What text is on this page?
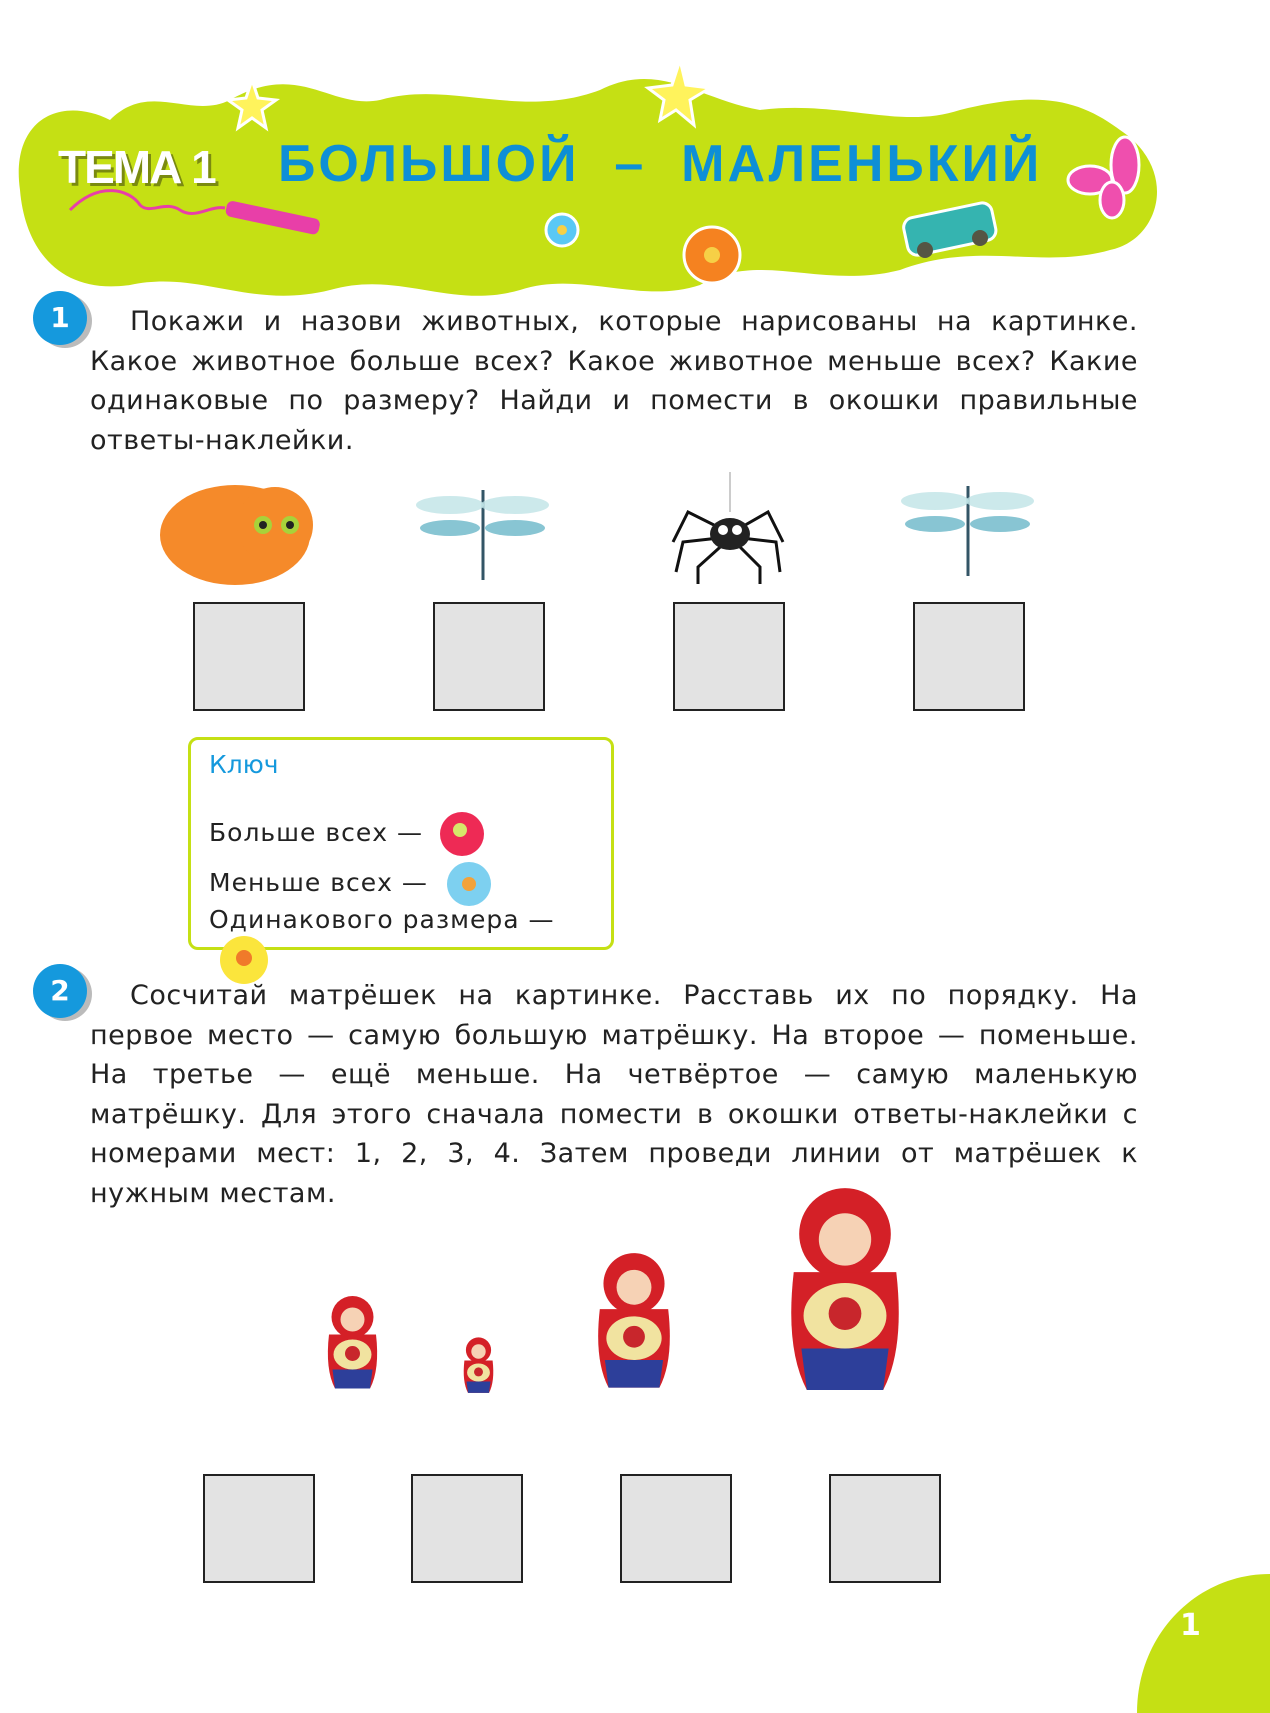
ТЕМА 1 БОЛЬШОЙ  –  МАЛЕНЬКИЙ
1	Покажи и назови животных, которые нарисованы на картинке. Какое животное больше всех? Какое животное меньше всех? Какие одинаковые по размеру? Найди и помести в окошки правильные ответы-наклейки.
Ключ
Больше всех —
Меньше всех —
Одинакового размера —
2	Сосчитай матрёшек на картинке. Расставь их по порядку. На первое место — самую большую матрёшку. На второе — поменьше. На третье — ещё меньше. На четвёртое — самую маленькую матрёшку. Для этого сначала помести в окошки ответы-наклейки с номерами мест: 1, 2, 3, 4. Затем проведи линии от матрёшек к нужным местам.
1
